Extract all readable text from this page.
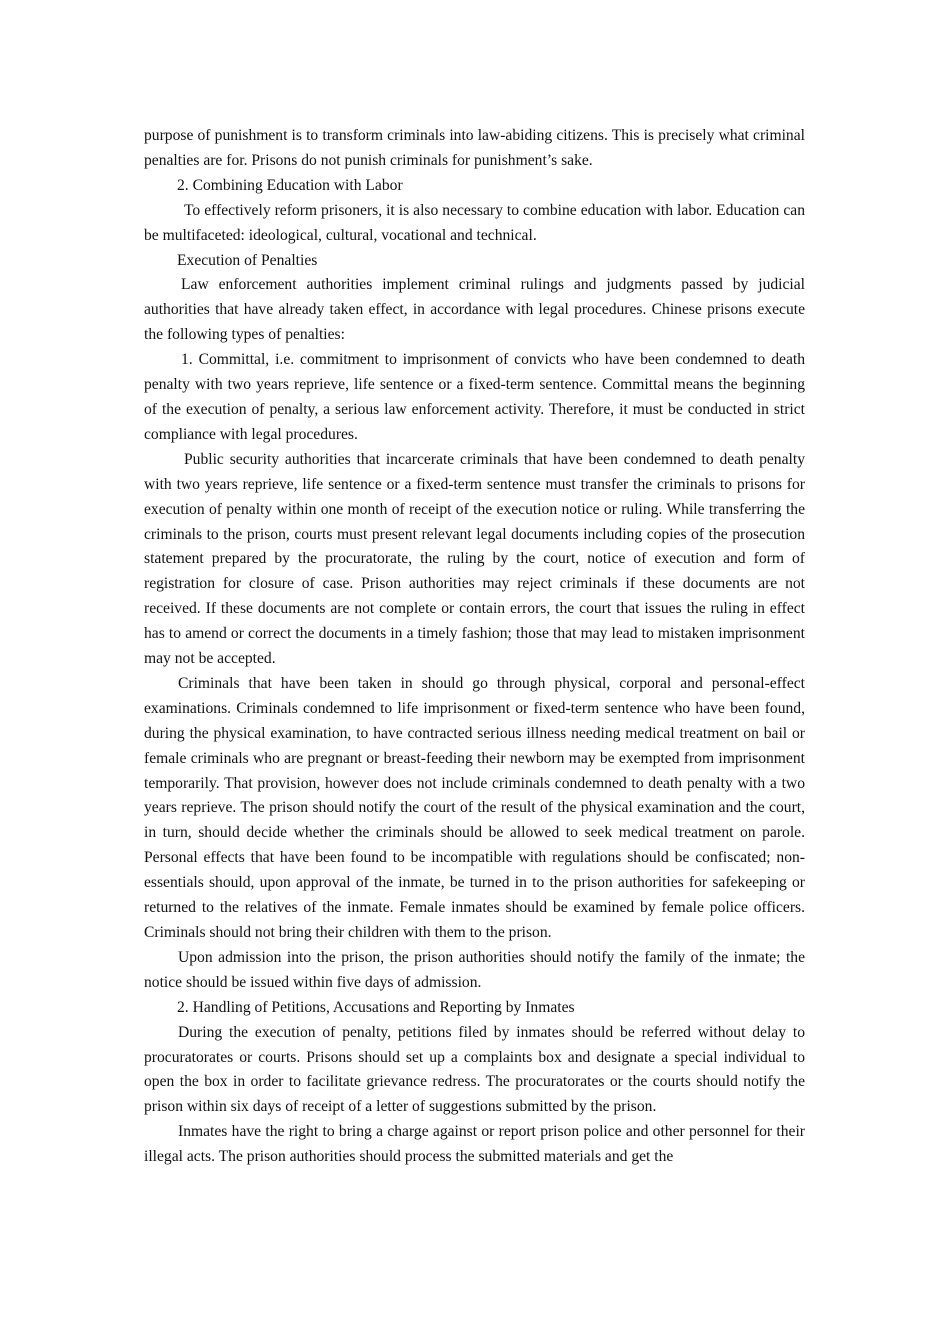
purpose of punishment is to transform criminals into law-abiding citizens. This is precisely what criminal penalties are for. Prisons do not punish criminals for punishment’s sake.

2. Combining Education with Labor

To effectively reform prisoners, it is also necessary to combine education with labor. Education can be multifaceted: ideological, cultural, vocational and technical.

Execution of Penalties

Law enforcement authorities implement criminal rulings and judgments passed by judicial authorities that have already taken effect, in accordance with legal procedures. Chinese prisons execute the following types of penalties:

1. Committal, i.e. commitment to imprisonment of convicts who have been condemned to death penalty with two years reprieve, life sentence or a fixed-term sentence. Committal means the beginning of the execution of penalty, a serious law enforcement activity. Therefore, it must be conducted in strict compliance with legal procedures.

Public security authorities that incarcerate criminals that have been condemned to death penalty with two years reprieve, life sentence or a fixed-term sentence must transfer the criminals to prisons for execution of penalty within one month of receipt of the execution notice or ruling. While transferring the criminals to the prison, courts must present relevant legal documents including copies of the prosecution statement prepared by the procuratorate, the ruling by the court, notice of execution and form of registration for closure of case. Prison authorities may reject criminals if these documents are not received. If these documents are not complete or contain errors, the court that issues the ruling in effect has to amend or correct the documents in a timely fashion; those that may lead to mistaken imprisonment may not be accepted.

Criminals that have been taken in should go through physical, corporal and personal-effect examinations. Criminals condemned to life imprisonment or fixed-term sentence who have been found, during the physical examination, to have contracted serious illness needing medical treatment on bail or female criminals who are pregnant or breast-feeding their newborn may be exempted from imprisonment temporarily. That provision, however does not include criminals condemned to death penalty with a two years reprieve. The prison should notify the court of the result of the physical examination and the court, in turn, should decide whether the criminals should be allowed to seek medical treatment on parole. Personal effects that have been found to be incompatible with regulations should be confiscated; non-essentials should, upon approval of the inmate, be turned in to the prison authorities for safekeeping or returned to the relatives of the inmate. Female inmates should be examined by female police officers. Criminals should not bring their children with them to the prison.

Upon admission into the prison, the prison authorities should notify the family of the inmate; the notice should be issued within five days of admission.

2. Handling of Petitions, Accusations and Reporting by Inmates

During the execution of penalty, petitions filed by inmates should be referred without delay to procuratorates or courts. Prisons should set up a complaints box and designate a special individual to open the box in order to facilitate grievance redress. The procuratorates or the courts should notify the prison within six days of receipt of a letter of suggestions submitted by the prison.

Inmates have the right to bring a charge against or report prison police and other personnel for their illegal acts. The prison authorities should process the submitted materials and get the
